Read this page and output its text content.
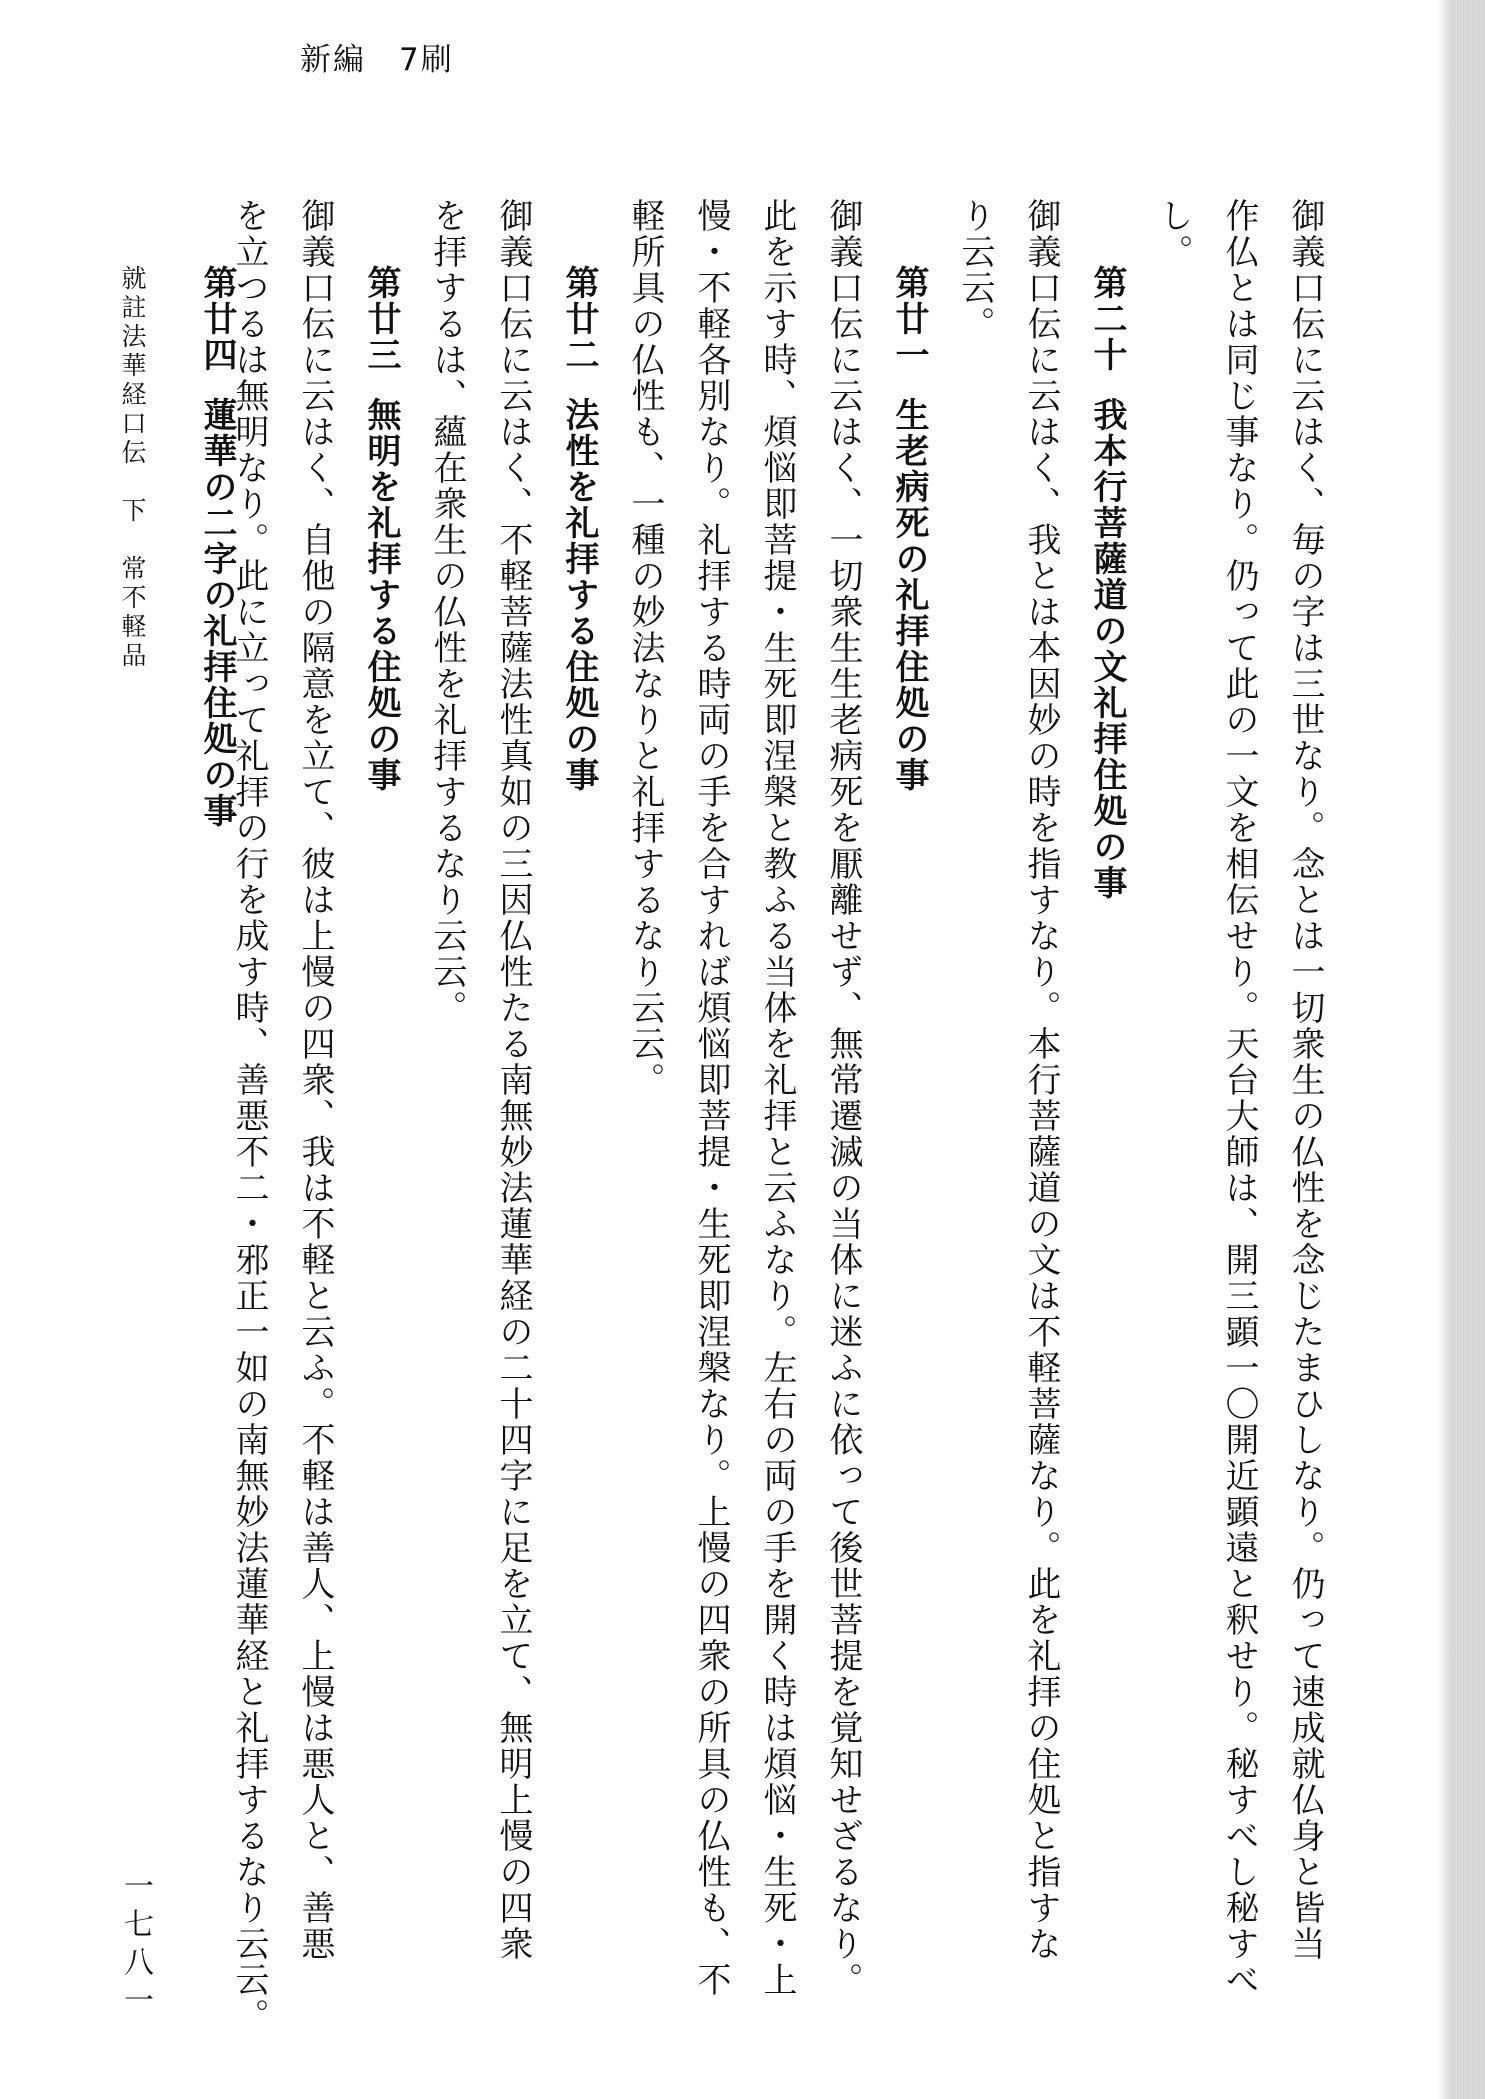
新編　7刷
御義口伝に云はく、毎の字は三世なり。念とは一切衆生の仏性を念じたまひしなり。仍って速成就仏身と皆当
作仏とは同じ事なり。仍って此の一文を相伝せり。天台大師は、開三顕一〇開近顕遠と釈せり。秘すべし秘すべ
し。
第二十我本行菩薩道の文礼拝住処の事
御義口伝に云はく、我とは本因妙の時を指すなり。本行菩薩道の文は不軽菩薩なり。此を礼拝の住処と指すな
り云云。
第廿一生老病死の礼拝住処の事
御義口伝に云はく、一切衆生生老病死を厭離せず、無常遷滅の当体に迷ふに依って後世菩提を覚知せざるなり。
此を示す時、煩悩即菩提・生死即涅槃と教ふる当体を礼拝と云ふなり。左右の両の手を開く時は煩悩・生死・上
慢・不軽各別なり。礼拝する時両の手を合すれば煩悩即菩提・生死即涅槃なり。上慢の四衆の所具の仏性も、不
軽所具の仏性も、一種の妙法なりと礼拝するなり云云。
第廿二法性を礼拝する住処の事
御義口伝に云はく、不軽菩薩法性真如の三因仏性たる南無妙法蓮華経の二十四字に足を立て、無明上慢の四衆
を拝するは、蘊在衆生の仏性を礼拝するなり云云。
第廿三無明を礼拝する住処の事
御義口伝に云はく、自他の隔意を立て、彼は上慢の四衆、我は不軽と云ふ。不軽は善人、上慢は悪人と、善悪
を立つるは無明なり。此に立って礼拝の行を成す時、善悪不二・邪正一如の南無妙法蓮華経と礼拝するなり云云。
第廿四蓮華の二字の礼拝住処の事
就註法華経口伝　下　常不軽品
一七八一
